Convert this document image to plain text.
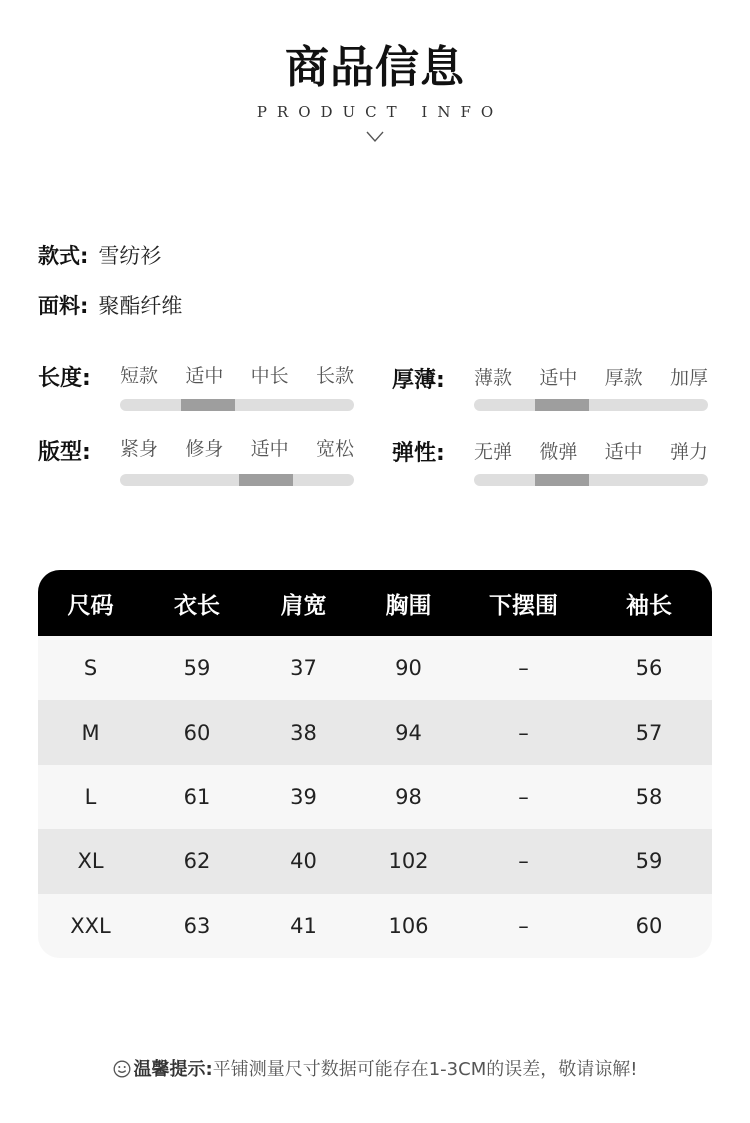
商品信息
PRODUCT INFO
款式: 雪纺衫
面料: 聚酯纤维
长度: 短款 适中 中长 长款 厚薄: 薄款 适中 厚款 加厚
版型: 紧身 修身 适中 宽松 弹性: 无弹 微弹 适中 弹力
尺码	衣长	肩宽	胸围	下摆围	袖长
S	59	37	90	–	56
M	60	38	94	–	57
L	61	39	98	–	58
XL	62	40	102	–	59
XXL	63	41	106	–	60
温馨提示:平铺测量尺寸数据可能存在1-3CM的误差，敬请谅解!
